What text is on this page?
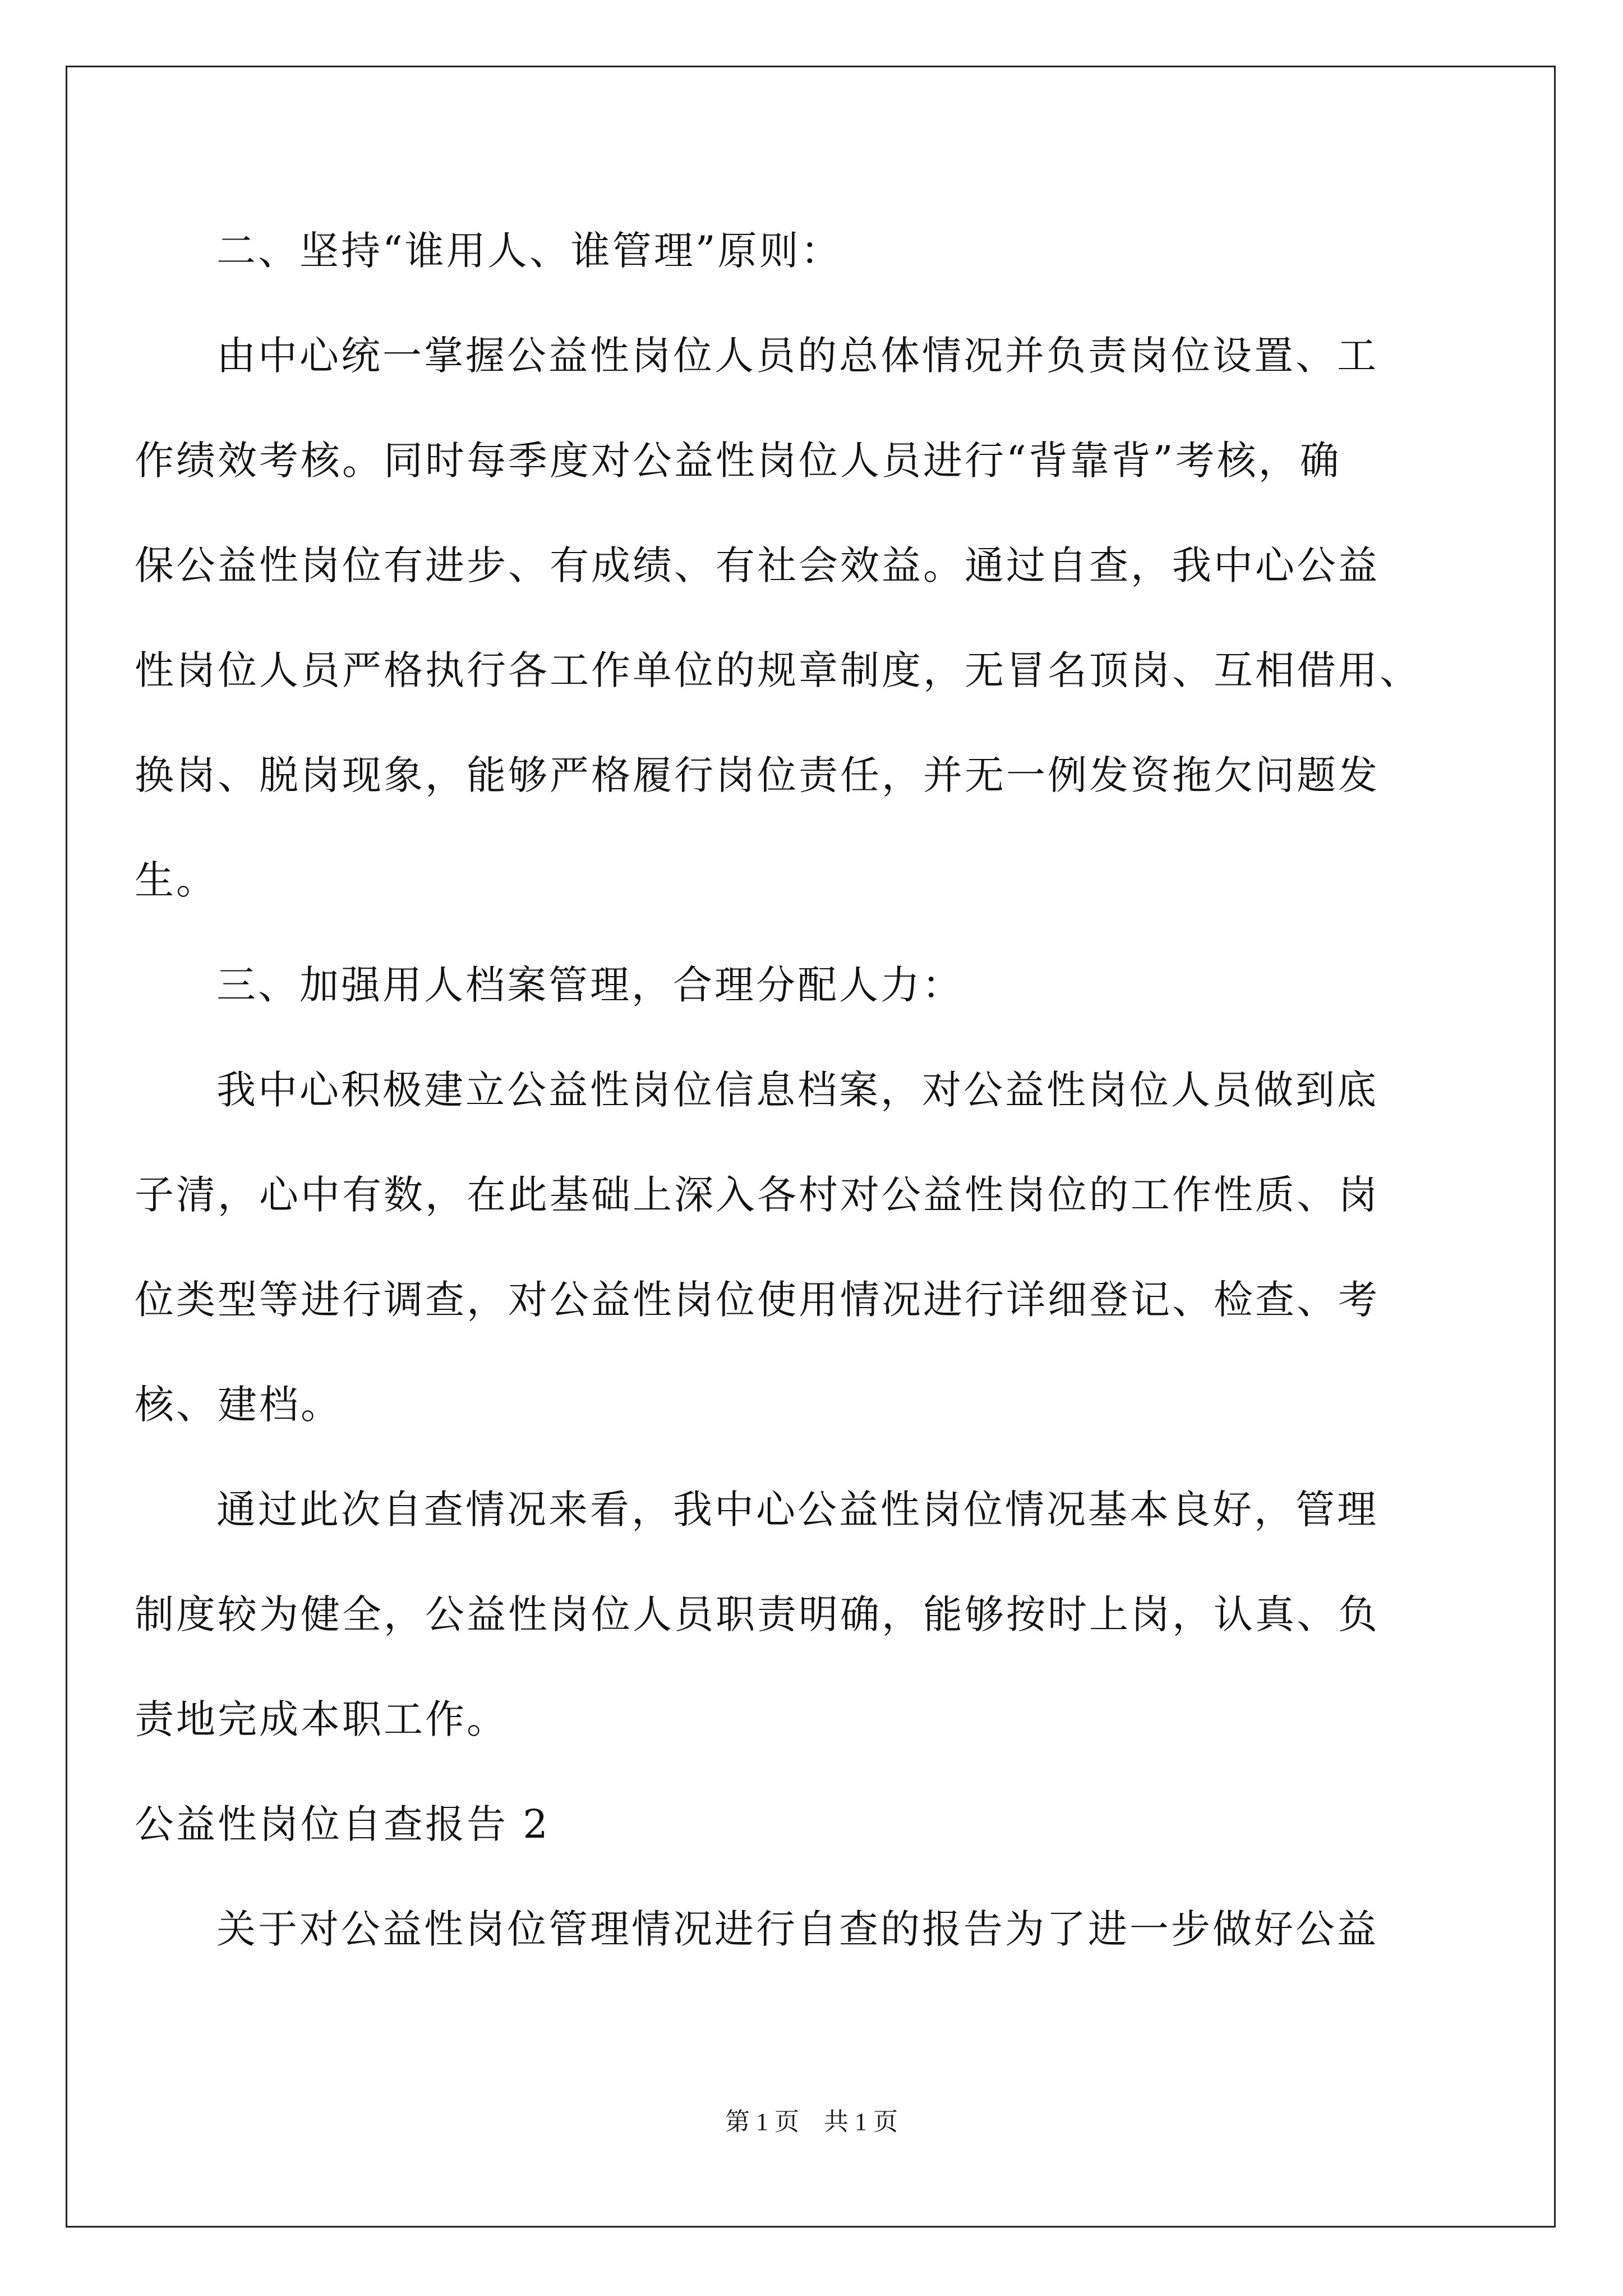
二、坚持“谁用人、谁管理”原则：
由中心统一掌握公益性岗位人员的总体情况并负责岗位设置、工
作绩效考核。同时每季度对公益性岗位人员进行“背靠背”考核，确
保公益性岗位有进步、有成绩、有社会效益。通过自查，我中心公益
性岗位人员严格执行各工作单位的规章制度，无冒名顶岗、互相借用、
换岗、脱岗现象，能够严格履行岗位责任，并无一例发资拖欠问题发
生。
三、加强用人档案管理，合理分配人力：
我中心积极建立公益性岗位信息档案，对公益性岗位人员做到底
子清，心中有数，在此基础上深入各村对公益性岗位的工作性质、岗
位类型等进行调查，对公益性岗位使用情况进行详细登记、检查、考
核、建档。
通过此次自查情况来看，我中心公益性岗位情况基本良好，管理
制度较为健全，公益性岗位人员职责明确，能够按时上岗，认真、负
责地完成本职工作。
公益性岗位自查报告 2
关于对公益性岗位管理情况进行自查的报告为了进一步做好公益
第 1 页　共 1 页
